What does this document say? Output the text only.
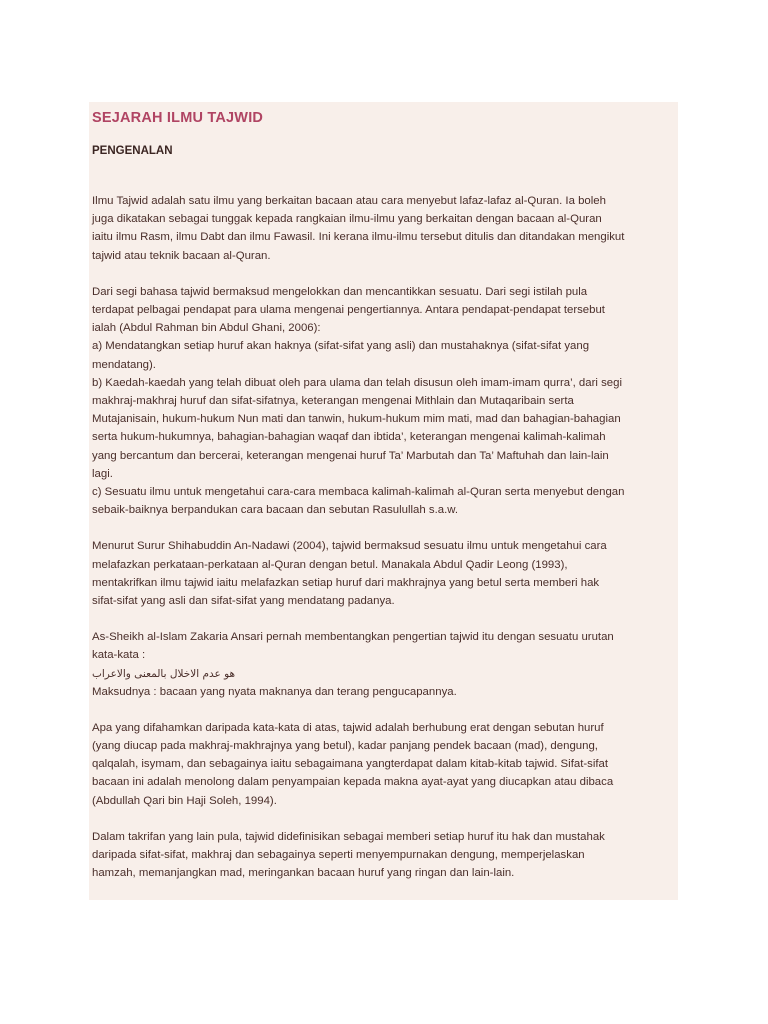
SEJARAH ILMU TAJWID
PENGENALAN

Ilmu Tajwid adalah satu ilmu yang berkaitan bacaan atau cara menyebut lafaz-lafaz al-Quran. Ia boleh
juga dikatakan sebagai tunggak kepada rangkaian ilmu-ilmu yang berkaitan dengan bacaan al-Quran
iaitu ilmu Rasm, ilmu Dabt dan ilmu Fawasil. Ini kerana ilmu-ilmu tersebut ditulis dan ditandakan mengikut
tajwid atau teknik bacaan al-Quran.

Dari segi bahasa tajwid bermaksud mengelokkan dan mencantikkan sesuatu. Dari segi istilah pula
terdapat pelbagai pendapat para ulama mengenai pengertiannya. Antara pendapat-pendapat tersebut
ialah (Abdul Rahman bin Abdul Ghani, 2006):
a) Mendatangkan setiap huruf akan haknya (sifat-sifat yang asli) dan mustahaknya (sifat-sifat yang
mendatang).
b) Kaedah-kaedah yang telah dibuat oleh para ulama dan telah disusun oleh imam-imam qurra’, dari segi
makhraj-makhraj huruf dan sifat-sifatnya, keterangan mengenai Mithlain dan Mutaqaribain serta
Mutajanisain, hukum-hukum Nun mati dan tanwin, hukum-hukum mim mati, mad dan bahagian-bahagian
serta hukum-hukumnya, bahagian-bahagian waqaf dan ibtida’, keterangan mengenai kalimah-kalimah
yang bercantum dan bercerai, keterangan mengenai huruf Ta’ Marbutah dan Ta’ Maftuhah dan lain-lain
lagi.
c) Sesuatu ilmu untuk mengetahui cara-cara membaca kalimah-kalimah al-Quran serta menyebut dengan
sebaik-baiknya berpandukan cara bacaan dan sebutan Rasulullah s.a.w.

Menurut Surur Shihabuddin An-Nadawi (2004), tajwid bermaksud sesuatu ilmu untuk mengetahui cara
melafazkan perkataan-perkataan al-Quran dengan betul. Manakala Abdul Qadir Leong (1993),
mentakrifkan ilmu tajwid iaitu melafazkan setiap huruf dari makhrajnya yang betul serta memberi hak
sifat-sifat yang asli dan sifat-sifat yang mendatang padanya.

As-Sheikh al-Islam Zakaria Ansari pernah membentangkan pengertian tajwid itu dengan sesuatu urutan
kata-kata :

هو عدم الاخلال بالمعنى والاعراب
Maksudnya : bacaan yang nyata maknanya dan terang pengucapannya.

Apa yang difahamkan daripada kata-kata di atas, tajwid adalah berhubung erat dengan sebutan huruf
(yang diucap pada makhraj-makhrajnya yang betul), kadar panjang pendek bacaan (mad), dengung,
qalqalah, isymam, dan sebagainya iaitu sebagaimana yangterdapat dalam kitab-kitab tajwid. Sifat-sifat
bacaan ini adalah menolong dalam penyampaian kepada makna ayat-ayat yang diucapkan atau dibaca
(Abdullah Qari bin Haji Soleh, 1994).

Dalam takrifan yang lain pula, tajwid didefinisikan sebagai memberi setiap huruf itu hak dan mustahak
daripada sifat-sifat, makhraj dan sebagainya seperti menyempurnakan dengung, memperjelaskan
hamzah, memanjangkan mad, meringankan bacaan huruf yang ringan dan lain-lain.
